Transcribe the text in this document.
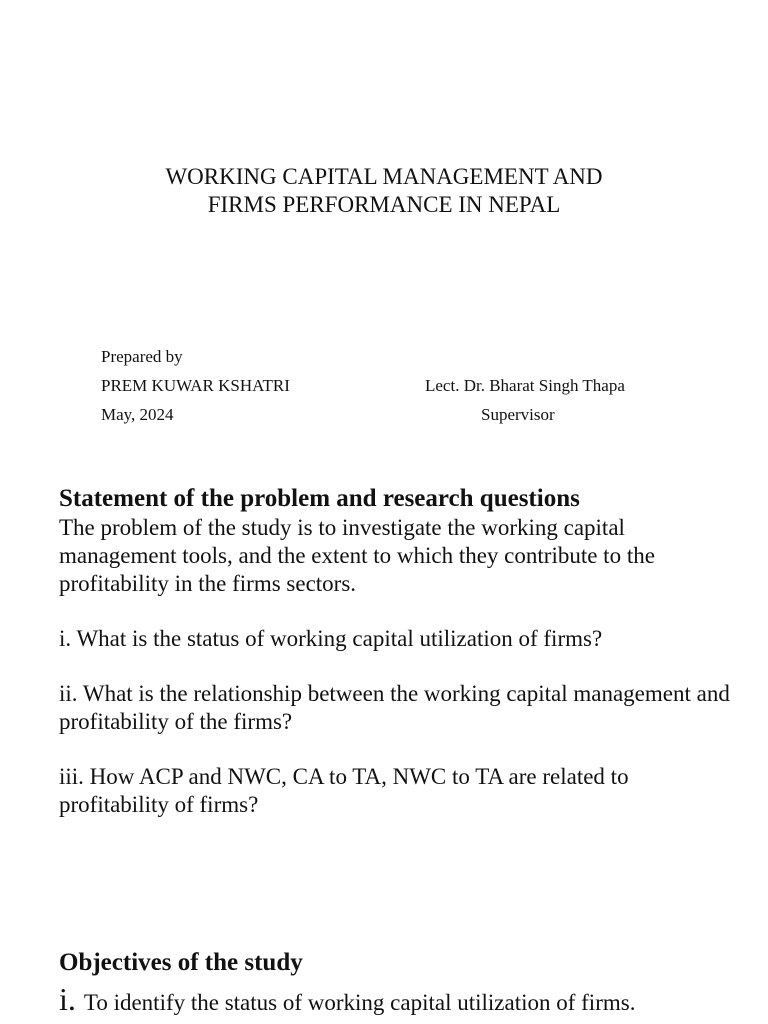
WORKING CAPITAL MANAGEMENT AND
FIRMS PERFORMANCE IN NEPAL
Prepared by
PREM KUWAR KSHATRI
May, 2024
Lect. Dr. Bharat Singh Thapa
Supervisor
Statement of the problem and research questions
The problem of the study is to investigate the working capital management tools, and the extent to which they contribute to the profitability in the firms sectors.
i. What is the status of working capital utilization of firms?
ii. What is the relationship between the working capital management and profitability of the firms?
iii. How ACP and NWC, CA to TA, NWC to TA are related to profitability of firms?
Objectives of the study
i. To identify the status of working capital utilization of firms.
